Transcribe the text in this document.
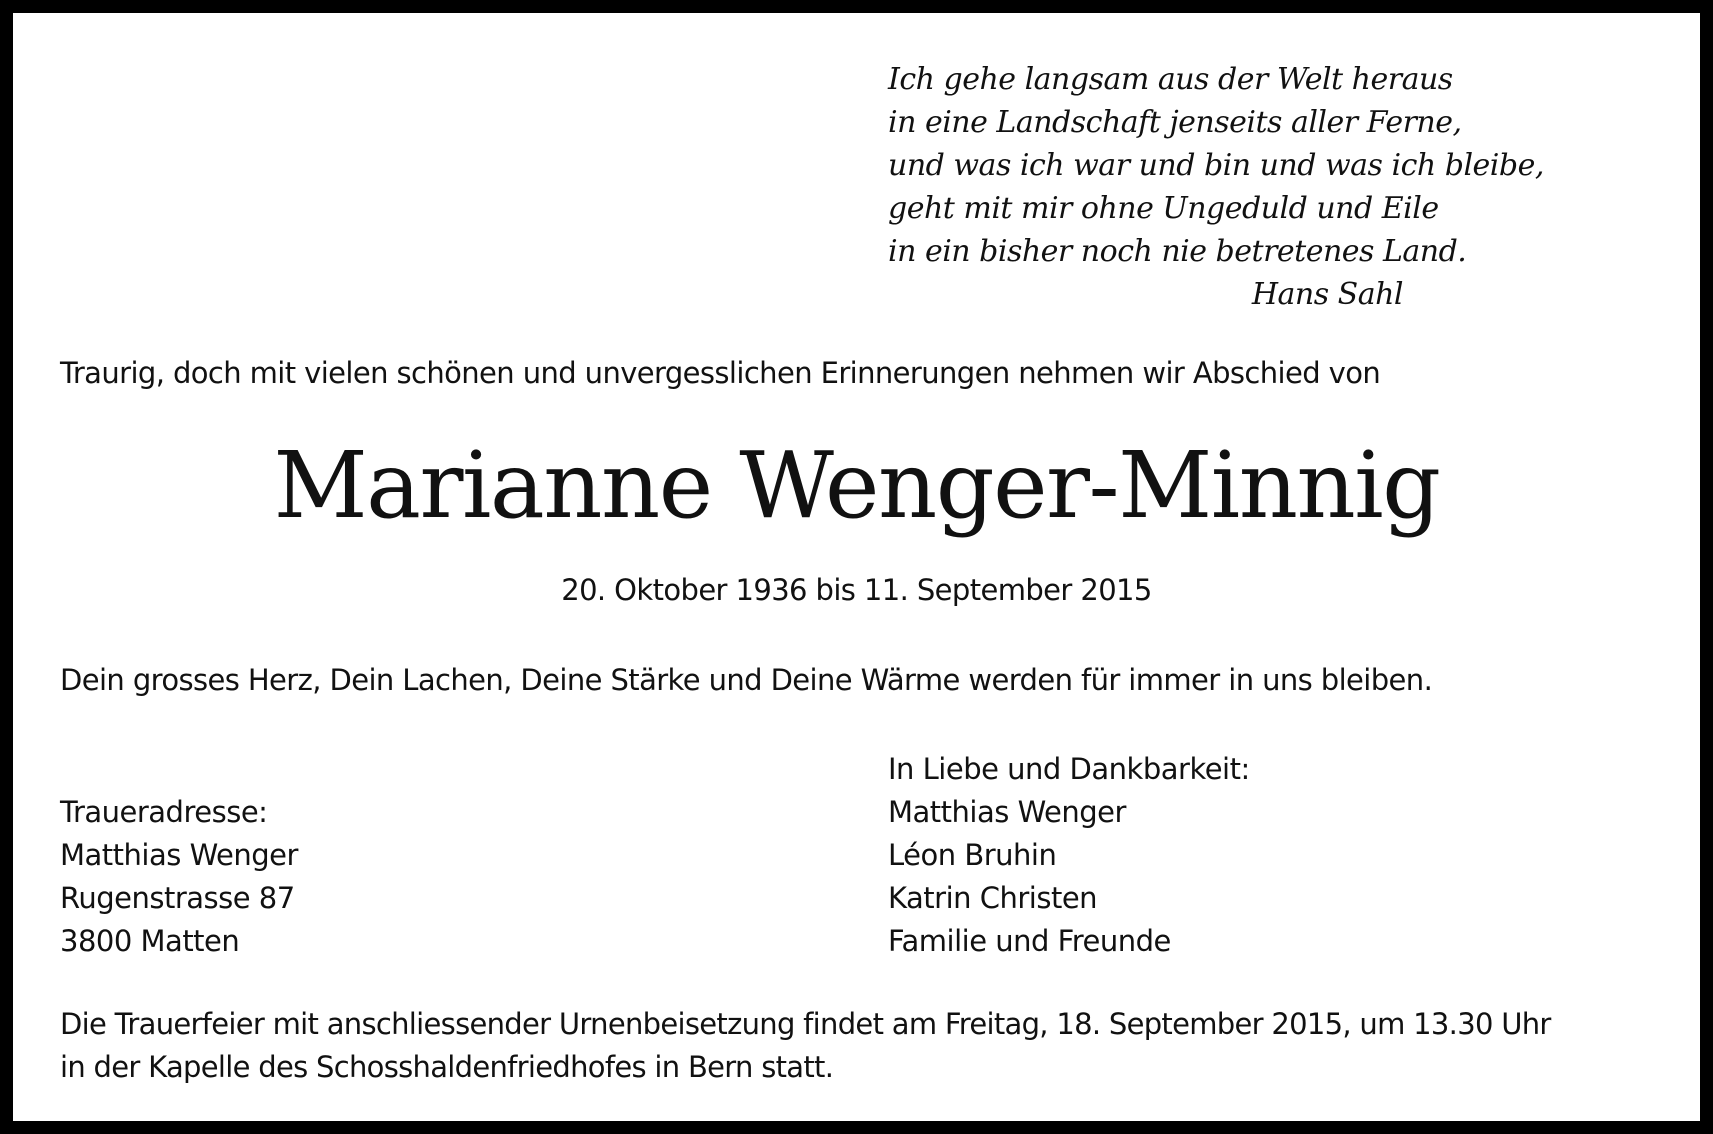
Ich gehe langsam aus der Welt heraus
in eine Landschaft jenseits aller Ferne,
und was ich war und bin und was ich bleibe,
geht mit mir ohne Ungeduld und Eile
in ein bisher noch nie betretenes Land.
Hans Sahl
Traurig, doch mit vielen schönen und unvergesslichen Erinnerungen nehmen wir Abschied von
Marianne Wenger-Minnig
20. Oktober 1936 bis 11. September 2015
Dein grosses Herz, Dein Lachen, Deine Stärke und Deine Wärme werden für immer in uns bleiben.
Traueradresse:
Matthias Wenger
Rugenstrasse 87
3800 Matten
In Liebe und Dankbarkeit:
Matthias Wenger
Léon Bruhin
Katrin Christen
Familie und Freunde
Die Trauerfeier mit anschliessender Urnenbeisetzung findet am Freitag, 18. September 2015, um 13.30 Uhr
in der Kapelle des Schosshaldenfriedhofes in Bern statt.
